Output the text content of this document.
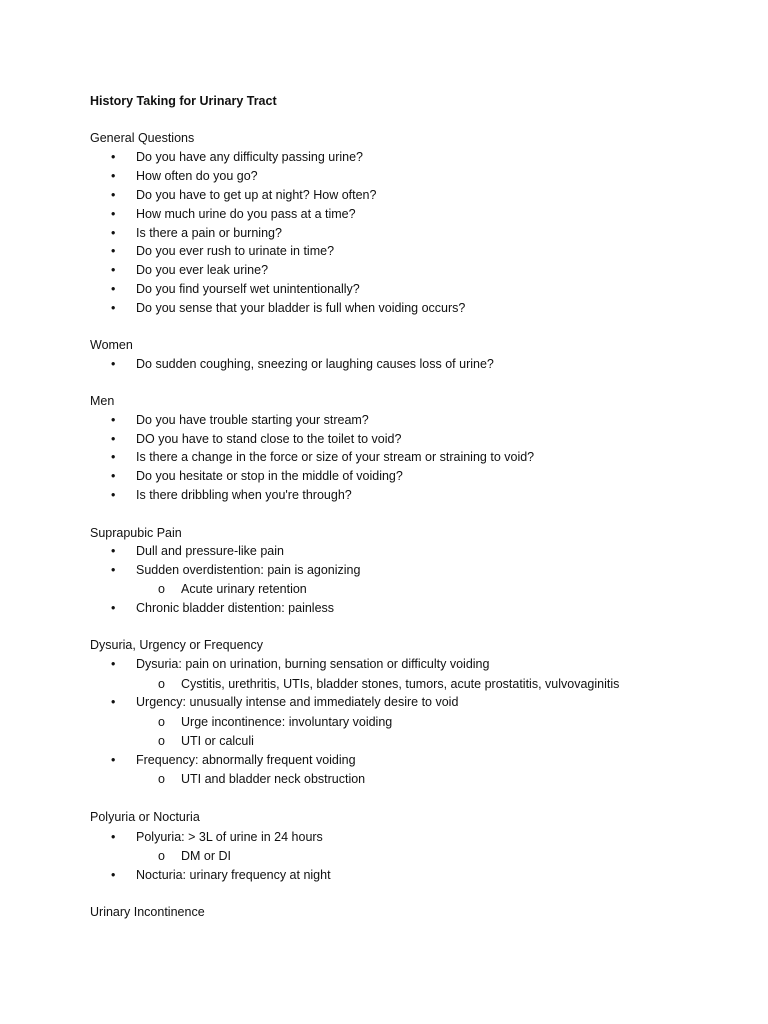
History Taking for Urinary Tract
General Questions
• Do you have any difficulty passing urine?
• How often do you go?
• Do you have to get up at night? How often?
• How much urine do you pass at a time?
• Is there a pain or burning?
• Do you ever rush to urinate in time?
• Do you ever leak urine?
• Do you find yourself wet unintentionally?
• Do you sense that your bladder is full when voiding occurs?
Women
• Do sudden coughing, sneezing or laughing causes loss of urine?
Men
• Do you have trouble starting your stream?
• DO you have to stand close to the toilet to void?
• Is there a change in the force or size of your stream or straining to void?
• Do you hesitate or stop in the middle of voiding?
• Is there dribbling when you're through?
Suprapubic Pain
• Dull and pressure-like pain
• Sudden overdistention: pain is agonizing
o Acute urinary retention
• Chronic bladder distention: painless
Dysuria, Urgency or Frequency
• Dysuria: pain on urination, burning sensation or difficulty voiding
o Cystitis, urethritis, UTIs, bladder stones, tumors, acute prostatitis, vulvovaginitis
• Urgency: unusually intense and immediately desire to void
o Urge incontinence: involuntary voiding
o UTI or calculi
• Frequency: abnormally frequent voiding
o UTI and bladder neck obstruction
Polyuria or Nocturia
• Polyuria: > 3L of urine in 24 hours
o DM or DI
• Nocturia: urinary frequency at night
Urinary Incontinence
